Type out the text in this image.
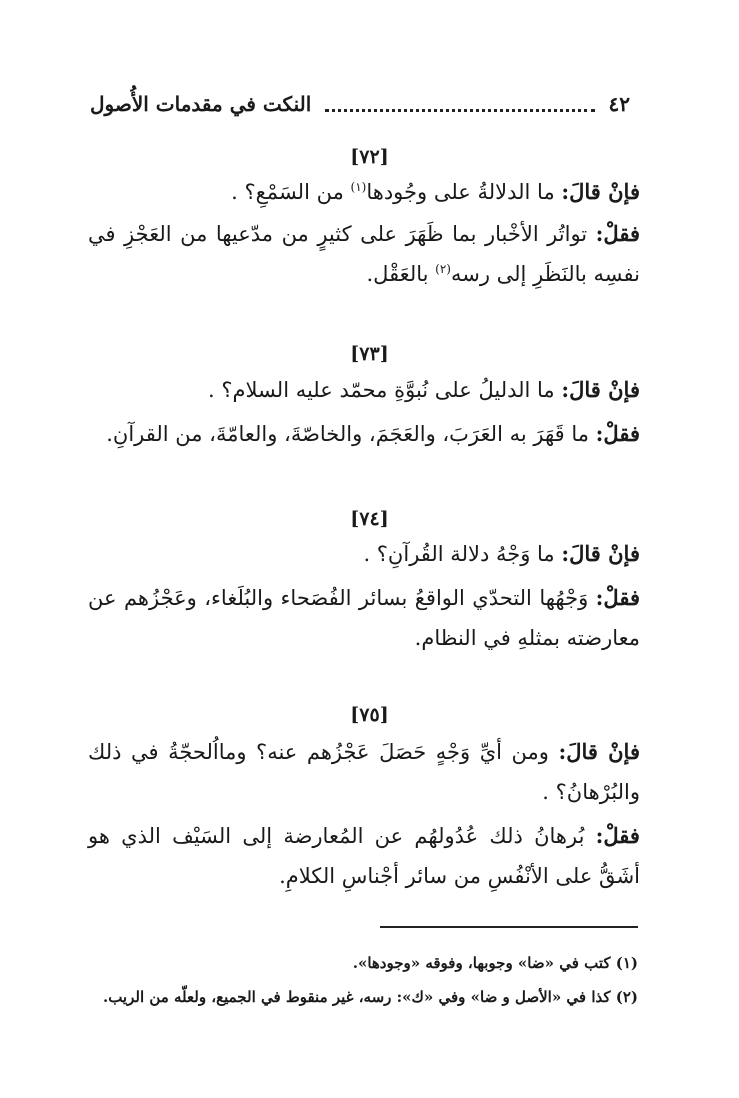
٤٢
النكت في مقدمات الأُصول
[٧٢]
فإنْ قالَ: ما الدلالةُ على وجُودها$^{(١)}$ من السَمْعِ؟ .
فقلْ: تواتُر الأخْبار بما ظَهَرَ على كثيرٍ من مدّعيها من العَجْزِ في نفسِه بالنَظَرِ إلى رسه$^{(٢)}$ بالعَقْل.
[٧٣]
فإنْ قالَ: ما الدليلُ على نُبوَّةِ محمّد عليه السلام؟ .
فقلْ: ما قَهَرَ به العَرَبَ، والعَجَمَ، والخاصّةَ، والعامّةَ، من القرآنِ.
[٧٤]
فإنْ قالَ: ما وَجْهُ دلالة القُرآنِ؟ .
فقلْ: وَجْهُها التحدّي الواقعُ بسائر الفُصَحاء والبُلَغاء، وعَجْزُهم عن معارضته بمثلهِ في النظام.
[٧٥]
فإنْ قالَ: ومن أيِّ وَجْهٍ حَصَلَ عَجْزُهم عنه؟ ومااُلحجّةُ في ذلك والبُرْهانُ؟ .
فقلْ: بُرهانُ ذلك عُدُولهُم عن المُعارضة إلى السَيْف الذي هو أشَقُّ على الأنْفُسِ من سائر أجْناسِ الكلامِ.
(١) كتب في «ضا» وجوبها، وفوقه «وجودها».
(٢) كذا في «الأصل و ضا» وفي «ك»: رسه، غير منقوط في الجميع، ولعلّه من الريب.
